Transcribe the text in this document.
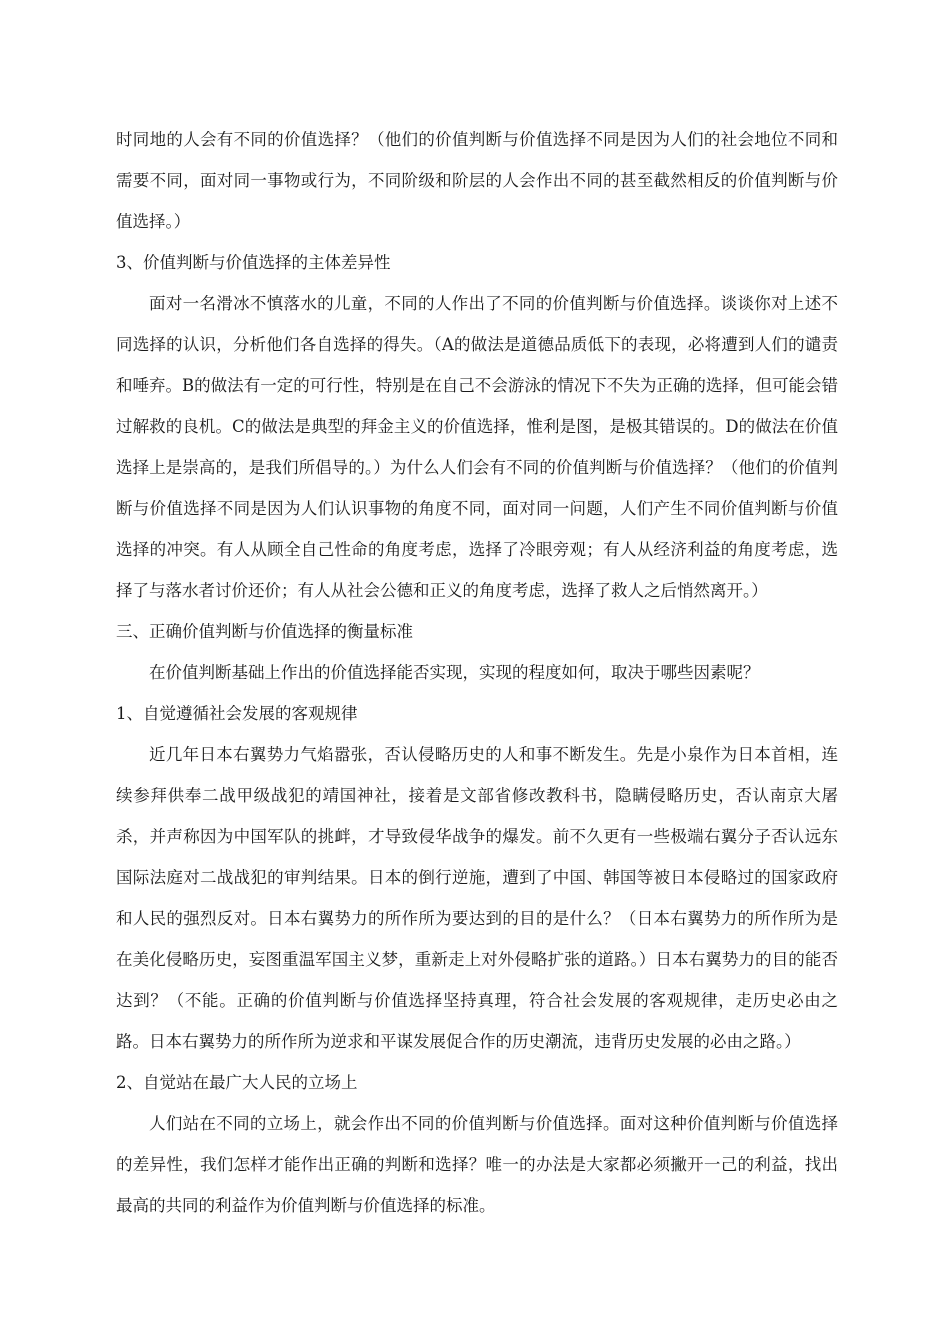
时同地的人会有不同的价值选择？（他们的价值判断与价值选择不同是因为人们的社会地位不同和需要不同，面对同一事物或行为，不同阶级和阶层的人会作出不同的甚至截然相反的价值判断与价值选择。）

3、价值判断与价值选择的主体差异性

面对一名滑冰不慎落水的儿童，不同的人作出了不同的价值判断与价值选择。谈谈你对上述不同选择的认识，分析他们各自选择的得失。（A的做法是道德品质低下的表现，必将遭到人们的谴责和唾弃。B的做法有一定的可行性，特别是在自己不会游泳的情况下不失为正确的选择，但可能会错过解救的良机。C的做法是典型的拜金主义的价值选择，惟利是图，是极其错误的。D的做法在价值选择上是崇高的，是我们所倡导的。）为什么人们会有不同的价值判断与价值选择？（他们的价值判断与价值选择不同是因为人们认识事物的角度不同，面对同一问题，人们产生不同价值判断与价值选择的冲突。有人从顾全自己性命的角度考虑，选择了冷眼旁观；有人从经济利益的角度考虑，选择了与落水者讨价还价；有人从社会公德和正义的角度考虑，选择了救人之后悄然离开。）

三、正确价值判断与价值选择的衡量标准

在价值判断基础上作出的价值选择能否实现，实现的程度如何，取决于哪些因素呢？

1、自觉遵循社会发展的客观规律

近几年日本右翼势力气焰嚣张，否认侵略历史的人和事不断发生。先是小泉作为日本首相，连续参拜供奉二战甲级战犯的靖国神社，接着是文部省修改教科书，隐瞒侵略历史，否认南京大屠杀，并声称因为中国军队的挑衅，才导致侵华战争的爆发。前不久更有一些极端右翼分子否认远东国际法庭对二战战犯的审判结果。日本的倒行逆施，遭到了中国、韩国等被日本侵略过的国家政府和人民的强烈反对。日本右翼势力的所作所为要达到的目的是什么？（日本右翼势力的所作所为是在美化侵略历史，妄图重温军国主义梦，重新走上对外侵略扩张的道路。）日本右翼势力的目的能否达到？（不能。正确的价值判断与价值选择坚持真理，符合社会发展的客观规律，走历史必由之路。日本右翼势力的所作所为逆求和平谋发展促合作的历史潮流，违背历史发展的必由之路。）

2、自觉站在最广大人民的立场上

人们站在不同的立场上，就会作出不同的价值判断与价值选择。面对这种价值判断与价值选择的差异性，我们怎样才能作出正确的判断和选择？唯一的办法是大家都必须撇开一己的利益，找出最高的共同的利益作为价值判断与价值选择的标准。
